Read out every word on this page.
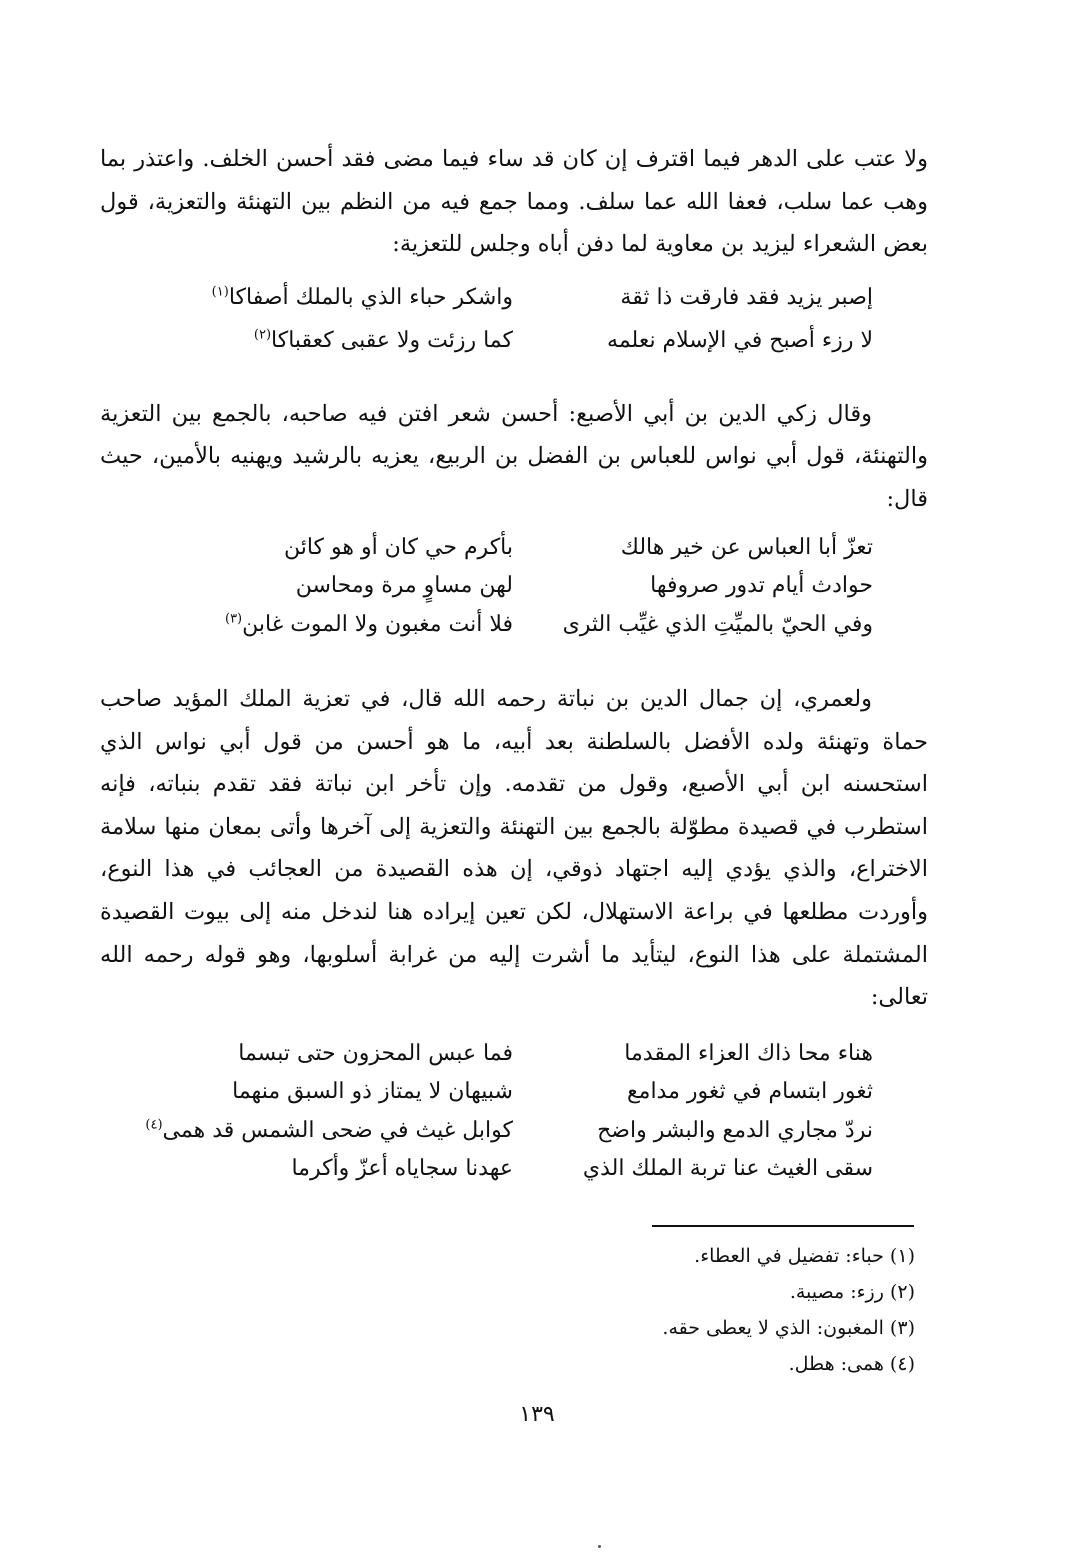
ولا عتب على الدهر فيما اقترف إن كان قد ساء فيما مضى فقد أحسن الخلف. واعتذر بما وهب عما سلب، فعفا الله عما سلف. ومما جمع فيه من النظم بين التهنئة والتعزية، قول بعض الشعراء ليزيد بن معاوية لما دفن أباه وجلس للتعزية:

إصبر يزيد فقد فارقت ذا ثقة
واشكر حباء الذي بالملك أصفاكا$^{(١)}$
لا رزء أصبح في الإسلام نعلمه
كما رزئت ولا عقبى كعقباكا$^{(٢)}$

وقال زكي الدين بن أبي الأصبع: أحسن شعر افتن فيه صاحبه، بالجمع بين التعزية والتهنئة، قول أبي نواس للعباس بن الفضل بن الربيع، يعزيه بالرشيد ويهنيه بالأمين، حيث قال:

تعزّ أبا العباس عن خير هالك
بأكرم حي كان أو هو كائن
حوادث أيام تدور صروفها
لهن مساوٍ مرة ومحاسن
وفي الحيّ بالميِّتِ الذي غيِّب الثرى
فلا أنت مغبون ولا الموت غابن$^{(٣)}$

ولعمري، إن جمال الدين بن نباتة رحمه الله قال، في تعزية الملك المؤيد صاحب حماة وتهنئة ولده الأفضل بالسلطنة بعد أبيه، ما هو أحسن من قول أبي نواس الذي استحسنه ابن أبي الأصبع، وقول من تقدمه. وإن تأخر ابن نباتة فقد تقدم بنباته، فإنه استطرب في قصيدة مطوّلة بالجمع بين التهنئة والتعزية إلى آخرها وأتى بمعان منها سلامة الاختراع، والذي يؤدي إليه اجتهاد ذوقي، إن هذه القصيدة من العجائب في هذا النوع، وأوردت مطلعها في براعة الاستهلال، لكن تعين إيراده هنا لندخل منه إلى بيوت القصيدة المشتملة على هذا النوع، ليتأيد ما أشرت إليه من غرابة أسلوبها، وهو قوله رحمه الله تعالى:

هناء محا ذاك العزاء المقدما
فما عبس المحزون حتى تبسما
ثغور ابتسام في ثغور مدامع
شبيهان لا يمتاز ذو السبق منهما
نردّ مجاري الدمع والبشر واضح
كوابل غيث في ضحى الشمس قد همى$^{(٤)}$
سقى الغيث عنا تربة الملك الذي
عهدنا سجاياه أعزّ وأكرما
(١) حباء: تفضيل في العطاء.
(٢) رزء: مصيبة.
(٣) المغبون: الذي لا يعطى حقه.
(٤) همى: هطل.
١٣٩
